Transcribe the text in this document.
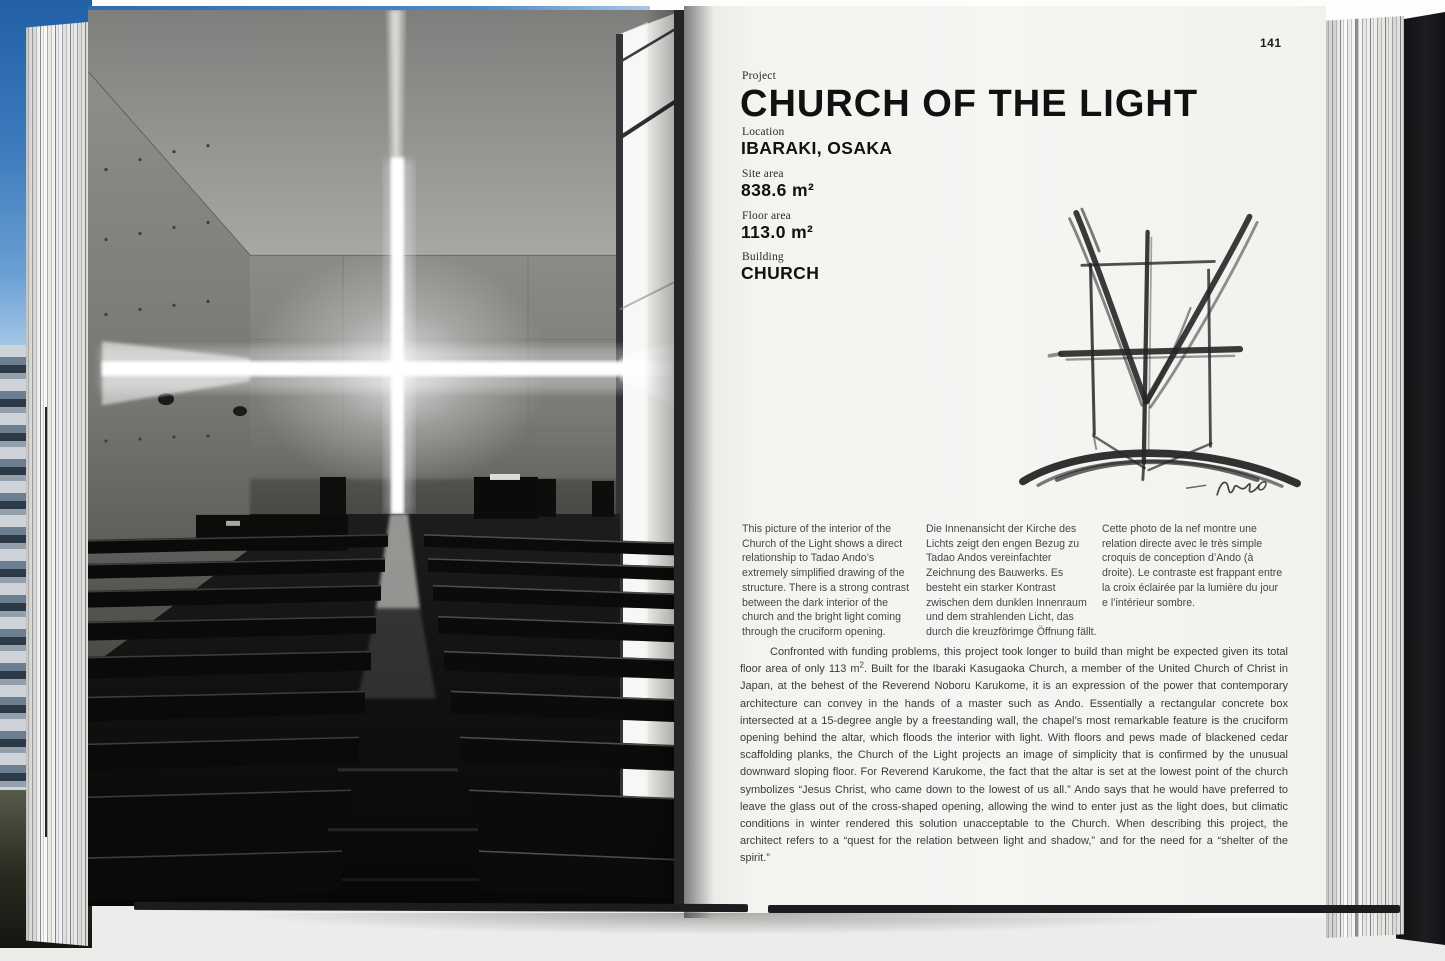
141
Project
CHURCH OF THE LIGHT
Location
IBARAKI, OSAKA
Site area
838.6 m²
Floor area
113.0 m²
Building
CHURCH
This picture of the interior of the Church of the Light shows a direct relationship to Tadao Ando’s extremely simplified drawing of the structure. There is a strong contrast between the dark interior of the church and the bright light coming through the cruciform opening.
Die Innenansicht der Kirche des Lichts zeigt den engen Bezug zu Tadao Andos vereinfachter Zeichnung des Bauwerks. Es besteht ein starker Kontrast zwischen dem dunklen Innenraum und dem strahlenden Licht, das durch die kreuzförimge Öffnung fällt.
Cette photo de la nef montre une relation directe avec le très simple croquis de conception d’Ando (à droite). Le contraste est frappant entre la croix éclairée par la lumière du jour e l’intérieur sombre.
Confronted with funding problems, this project took longer to build than might be expected given its total floor area of only 113 $m^2$. Built for the Ibaraki Kasugaoka Church, a member of the United Church of Christ in Japan, at the behest of the Reverend Noboru Karukome, it is an expression of the power that contemporary architecture can convey in the hands of a master such as Ando. Essentially a rectangular concrete box intersected at a 15-degree angle by a freestanding wall, the chapel’s most remarkable feature is the cruciform opening behind the altar, which floods the interior with light. With floors and pews made of blackened cedar scaffolding planks, the Church of the Light projects an image of simplicity that is confirmed by the unusual downward sloping floor. For Reverend Karukome, the fact that the altar is set at the lowest point of the church symbolizes “Jesus Christ, who came down to the lowest of us all.” Ando says that he would have preferred to leave the glass out of the cross-shaped opening, allowing the wind to enter just as the light does, but climatic conditions in winter rendered this solution unacceptable to the Church. When describing this project, the architect refers to a “quest for the relation between light and shadow,” and for the need for a “shelter of the spirit.”
